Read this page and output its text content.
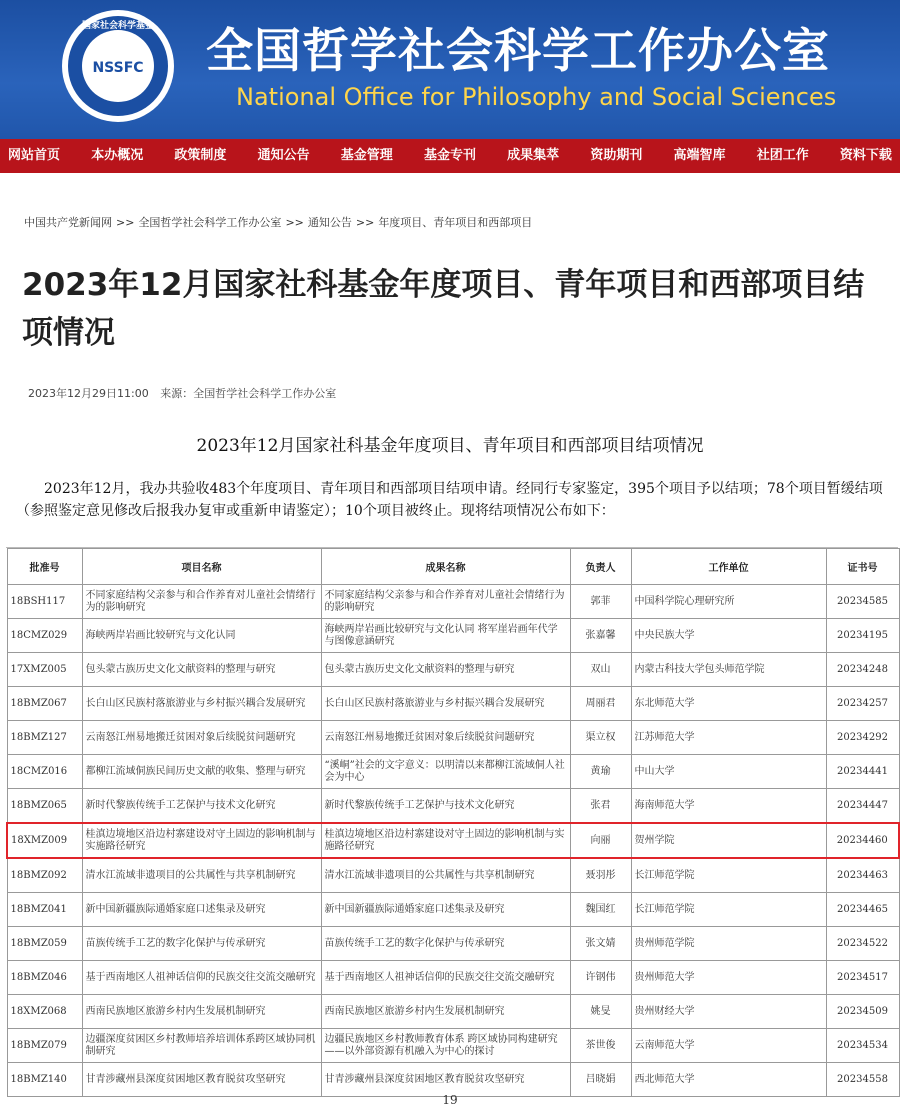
国家社会科学基金
NSSFC	全国哲学社会科学工作办公室
National Office for Philosophy and Social Sciences
网站首页 本办概况 政策制度 通知公告 基金管理 基金专刊 成果集萃 资助期刊 高端智库 社团工作 资料下载
中国共产党新闻网 >> 全国哲学社会科学工作办公室 >> 通知公告 >> 年度项目、青年项目和西部项目
2023年12月国家社科基金年度项目、青年项目和西部项目结项情况
2023年12月29日11:00 来源：全国哲学社会科学工作办公室
2023年12月国家社科基金年度项目、青年项目和西部项目结项情况

2023年12月，我办共验收483个年度项目、青年项目和西部项目结项申请。经同行专家鉴定，395个项目予以结项；78个项目暂缓结项（参照鉴定意见修改后报我办复审或重新申请鉴定）；10个项目被终止。现将结项情况公布如下：

批准号	项目名称	成果名称	负责人	工作单位	证书号
18BSH117	不同家庭结构父亲参与和合作养育对儿童社会情绪行为的影响研究	不同家庭结构父亲参与和合作养育对儿童社会情绪行为的影响研究	郭菲	中国科学院心理研究所	20234585
18CMZ029	海峡两岸岩画比较研究与文化认同	海峡两岸岩画比较研究与文化认同 将军崖岩画年代学与图像意涵研究	张嘉馨	中央民族大学	20234195
17XMZ005	包头蒙古族历史文化文献资料的整理与研究	包头蒙古族历史文化文献资料的整理与研究	双山	内蒙古科技大学包头师范学院	20234248
18BMZ067	长白山区民族村落旅游业与乡村振兴耦合发展研究	长白山区民族村落旅游业与乡村振兴耦合发展研究	周丽君	东北师范大学	20234257
18BMZ127	云南怒江州易地搬迁贫困对象后续脱贫问题研究	云南怒江州易地搬迁贫困对象后续脱贫问题研究	渠立权	江苏师范大学	20234292
18CMZ016	都柳江流域侗族民间历史文献的收集、整理与研究	“溪峒”社会的文字意义：以明清以来都柳江流域侗人社会为中心	黄瑜	中山大学	20234441
18BMZ065	新时代黎族传统手工艺保护与技术文化研究	新时代黎族传统手工艺保护与技术文化研究	张君	海南师范大学	20234447
18XMZ009	桂滇边境地区沿边村寨建设对守土固边的影响机制与实施路径研究	桂滇边境地区沿边村寨建设对守土固边的影响机制与实施路径研究	向丽	贺州学院	20234460
18BMZ092	清水江流域非遗项目的公共属性与共享机制研究	清水江流域非遗项目的公共属性与共享机制研究	聂羽彤	长江师范学院	20234463
18BMZ041	新中国新疆族际通婚家庭口述集录及研究	新中国新疆族际通婚家庭口述集录及研究	魏国红	长江师范学院	20234465
18BMZ059	苗族传统手工艺的数字化保护与传承研究	苗族传统手工艺的数字化保护与传承研究	张文婧	贵州师范学院	20234522
18BMZ046	基于西南地区人祖神话信仰的民族交往交流交融研究	基于西南地区人祖神话信仰的民族交往交流交融研究	许钢伟	贵州师范大学	20234517
18XMZ068	西南民族地区旅游乡村内生发展机制研究	西南民族地区旅游乡村内生发展机制研究	姚旻	贵州财经大学	20234509
18BMZ079	边疆深度贫困区乡村教师培养培训体系跨区域协同机制研究	边疆民族地区乡村教师教育体系 跨区域协同构建研究——以外部资源有机融入为中心的探讨	茶世俊	云南师范大学	20234534
18BMZ140	甘青涉藏州县深度贫困地区教育脱贫攻坚研究	甘青涉藏州县深度贫困地区教育脱贫攻坚研究	吕晓娟	西北师范大学	20234558
19
